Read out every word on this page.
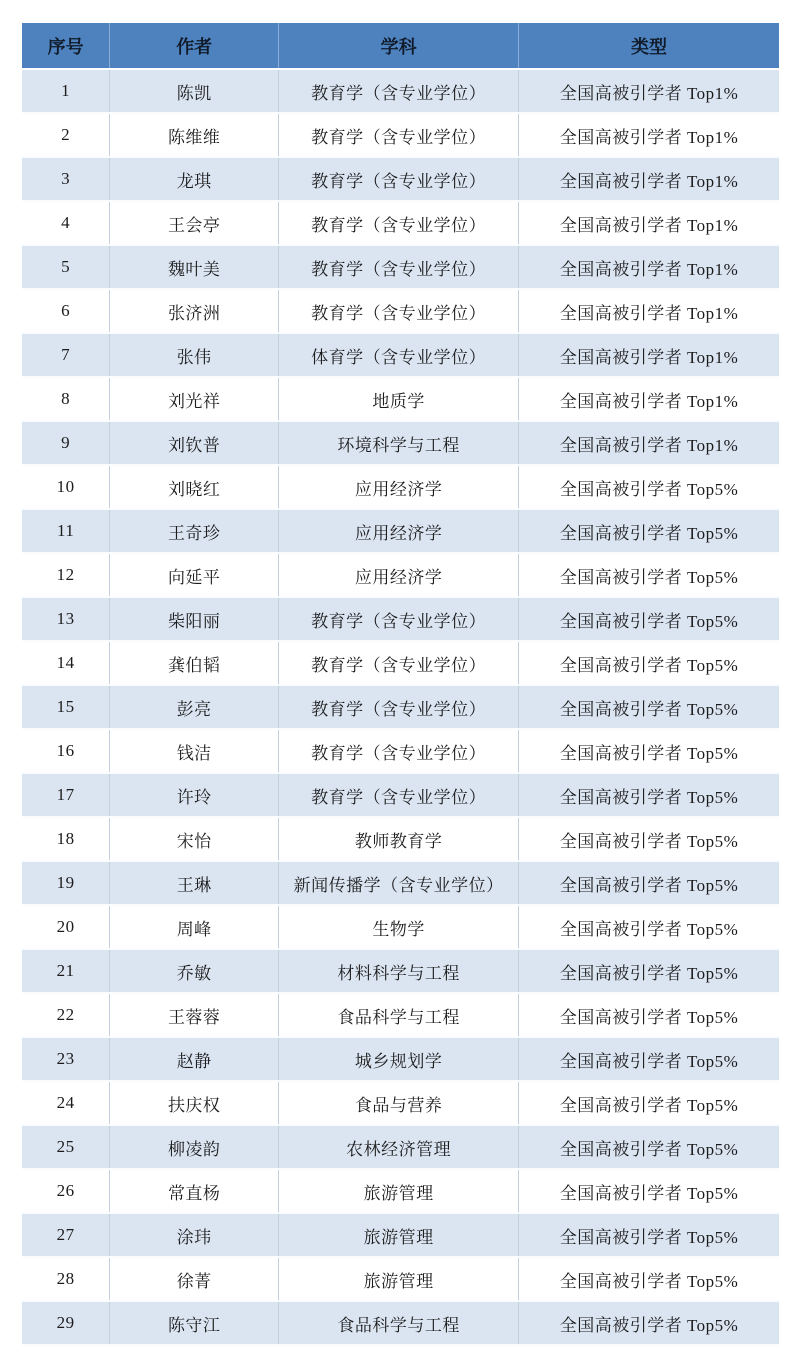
序号	作者	学科	类型
1	陈凯	教育学（含专业学位）	全国高被引学者 Top1%
2	陈维维	教育学（含专业学位）	全国高被引学者 Top1%
3	龙琪	教育学（含专业学位）	全国高被引学者 Top1%
4	王会亭	教育学（含专业学位）	全国高被引学者 Top1%
5	魏叶美	教育学（含专业学位）	全国高被引学者 Top1%
6	张济洲	教育学（含专业学位）	全国高被引学者 Top1%
7	张伟	体育学（含专业学位）	全国高被引学者 Top1%
8	刘光祥	地质学	全国高被引学者 Top1%
9	刘钦普	环境科学与工程	全国高被引学者 Top1%
10	刘晓红	应用经济学	全国高被引学者 Top5%
11	王奇珍	应用经济学	全国高被引学者 Top5%
12	向延平	应用经济学	全国高被引学者 Top5%
13	柴阳丽	教育学（含专业学位）	全国高被引学者 Top5%
14	龚伯韬	教育学（含专业学位）	全国高被引学者 Top5%
15	彭亮	教育学（含专业学位）	全国高被引学者 Top5%
16	钱洁	教育学（含专业学位）	全国高被引学者 Top5%
17	许玲	教育学（含专业学位）	全国高被引学者 Top5%
18	宋怡	教师教育学	全国高被引学者 Top5%
19	王琳	新闻传播学（含专业学位）	全国高被引学者 Top5%
20	周峰	生物学	全国高被引学者 Top5%
21	乔敏	材料科学与工程	全国高被引学者 Top5%
22	王蓉蓉	食品科学与工程	全国高被引学者 Top5%
23	赵静	城乡规划学	全国高被引学者 Top5%
24	扶庆权	食品与营养	全国高被引学者 Top5%
25	柳凌韵	农林经济管理	全国高被引学者 Top5%
26	常直杨	旅游管理	全国高被引学者 Top5%
27	涂玮	旅游管理	全国高被引学者 Top5%
28	徐菁	旅游管理	全国高被引学者 Top5%
29	陈守江	食品科学与工程	全国高被引学者 Top5%
